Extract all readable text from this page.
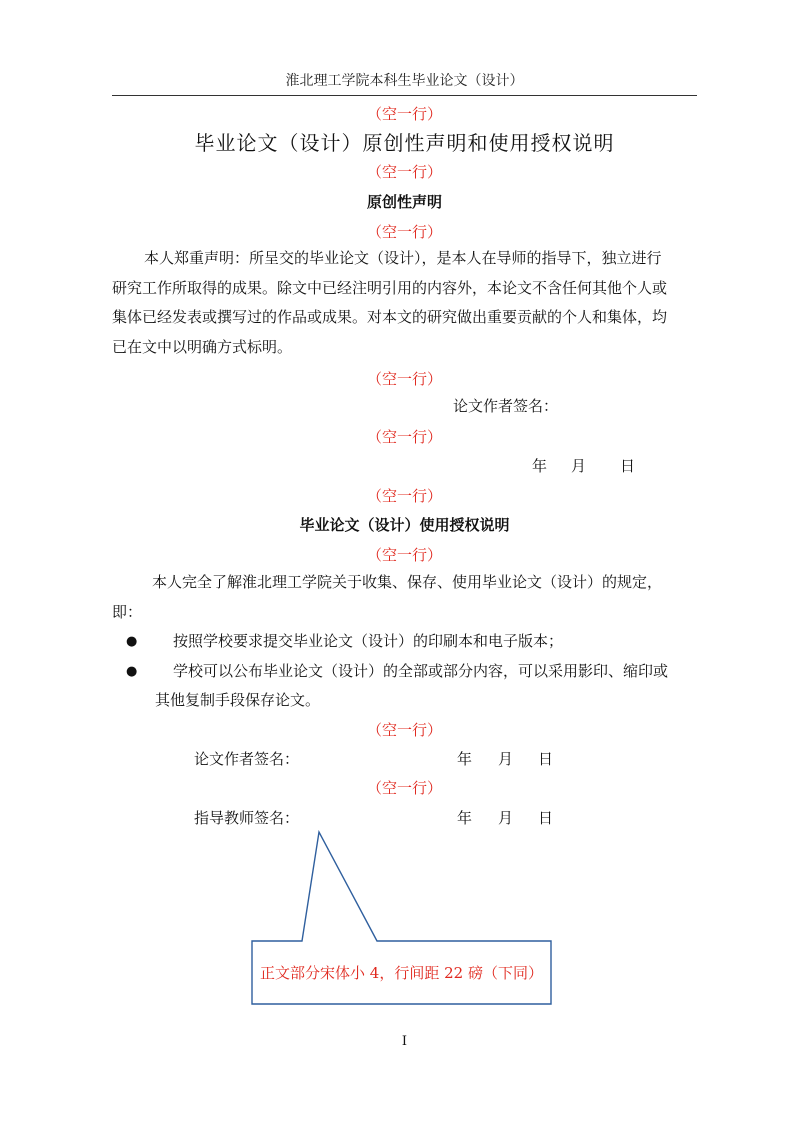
淮北理工学院本科生毕业论文（设计）
（空一行）
毕业论文（设计）原创性声明和使用授权说明
（空一行）
原创性声明
（空一行）
本人郑重声明：所呈交的毕业论文（设计），是本人在导师的指导下，独立进行
研究工作所取得的成果。除文中已经注明引用的内容外，本论文不含任何其他个人或
集体已经发表或撰写过的作品或成果。对本文的研究做出重要贡献的个人和集体，均
已在文中以明确方式标明。
（空一行）
论文作者签名：
（空一行）
年 月 日
（空一行）
毕业论文（设计）使用授权说明
（空一行）
本人完全了解淮北理工学院关于收集、保存、使用毕业论文（设计）的规定，
即：
● 按照学校要求提交毕业论文（设计）的印刷本和电子版本；
● 学校可以公布毕业论文（设计）的全部或部分内容，可以采用影印、缩印或
其他复制手段保存论文。
（空一行）
论文作者签名：	年 月 日
（空一行）
指导教师签名：	年 月 日
正文部分宋体小 4，行间距 22 磅（下同）
I
